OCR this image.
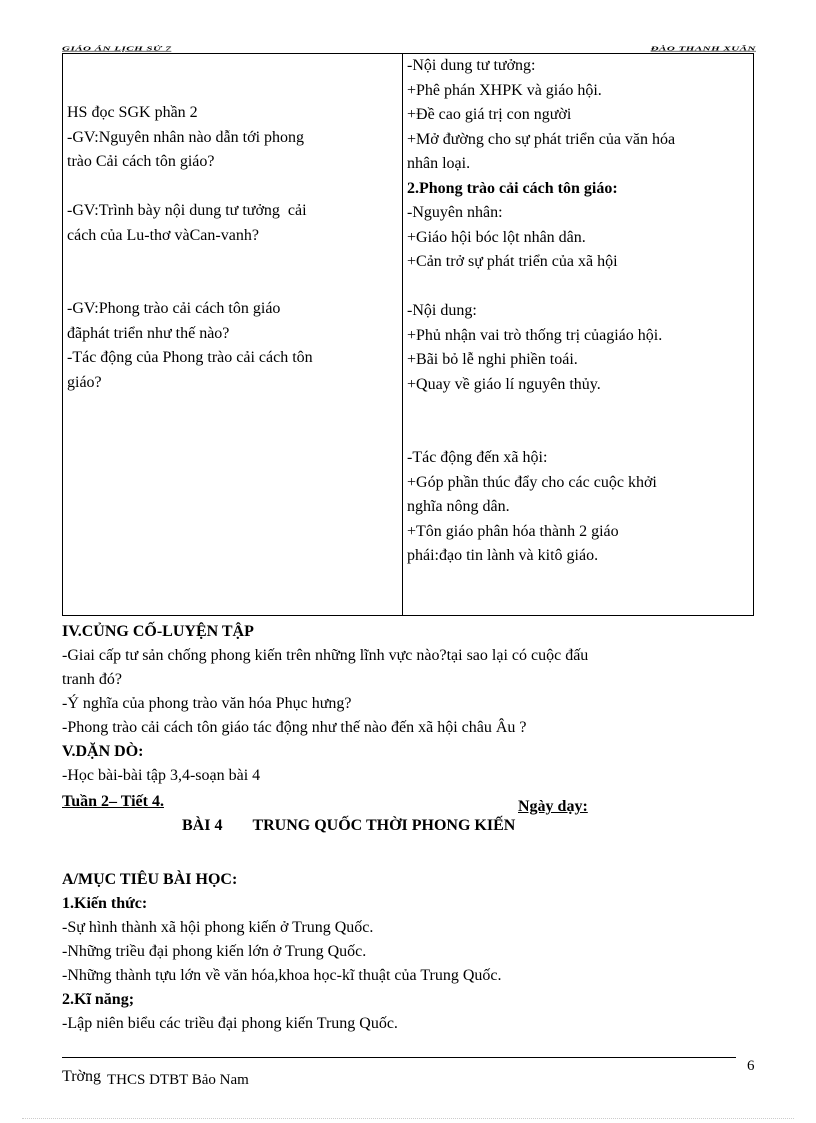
GIÁO ÁN LỊCH SỬ 7	ĐÀO THANH XUÂN
HS đọc SGK phần 2
-GV:Nguyên nhân nào dẫn tới phong
trào Cải cách tôn giáo?
-GV:Trình bày nội dung tư tưởng  cải
cách của Lu-thơ vàCan-vanh?
-GV:Phong trào cải cách tôn giáo
đãphát triển như thế nào?
-Tác động của Phong trào cải cách tôn
giáo?
-Nội dung tư tưởng:
+Phê phán XHPK và giáo hội.
+Đề cao giá trị con người
+Mở đường cho sự phát triển của văn hóa
nhân loại.
2.Phong trào cải cách tôn giáo:
-Nguyên nhân:
+Giáo hội bóc lột nhân dân.
+Cản trở sự phát triển của xã hội
-Nội dung:
+Phủ nhận vai trò thống trị củagiáo hội.
+Bãi bỏ lễ nghi phiền toái.
+Quay về giáo lí nguyên thủy.
-Tác động đến xã hội:
+Góp phần thúc đẩy cho các cuộc khởi
nghĩa nông dân.
+Tôn giáo phân hóa thành 2 giáo
phái:đạo tin lành và kitô giáo.
IV.CỦNG CỐ-LUYỆN TẬP
-Giai cấp tư sản chống phong kiến trên những lĩnh vực nào?tại sao lại có cuộc đấu
tranh đó?
-Ý nghĩa của phong trào văn hóa Phục hưng?
-Phong trào cải cách tôn giáo tác động như thế nào đến xã hội châu Âu ?
V.DẶN DÒ:
-Học bài-bài tập 3,4-soạn bài 4
Tuần 2– Tiết 4.	Ngày dạy:
BÀI 4 TRUNG QUỐC THỜI PHONG KIẾN
A/MỤC TIÊU BÀI HỌC:
1.Kiến thức:
-Sự hình thành xã hội phong kiến ở Trung Quốc.
-Những triều đại phong kiến lớn ở Trung Quốc.
-Những thành tựu lớn về văn hóa,khoa học-kĩ thuật của Trung Quốc.
2.Kĩ năng;
-Lập niên biểu các triều đại phong kiến Trung Quốc.
Trờng THCS DTBT Bảo Nam
6
